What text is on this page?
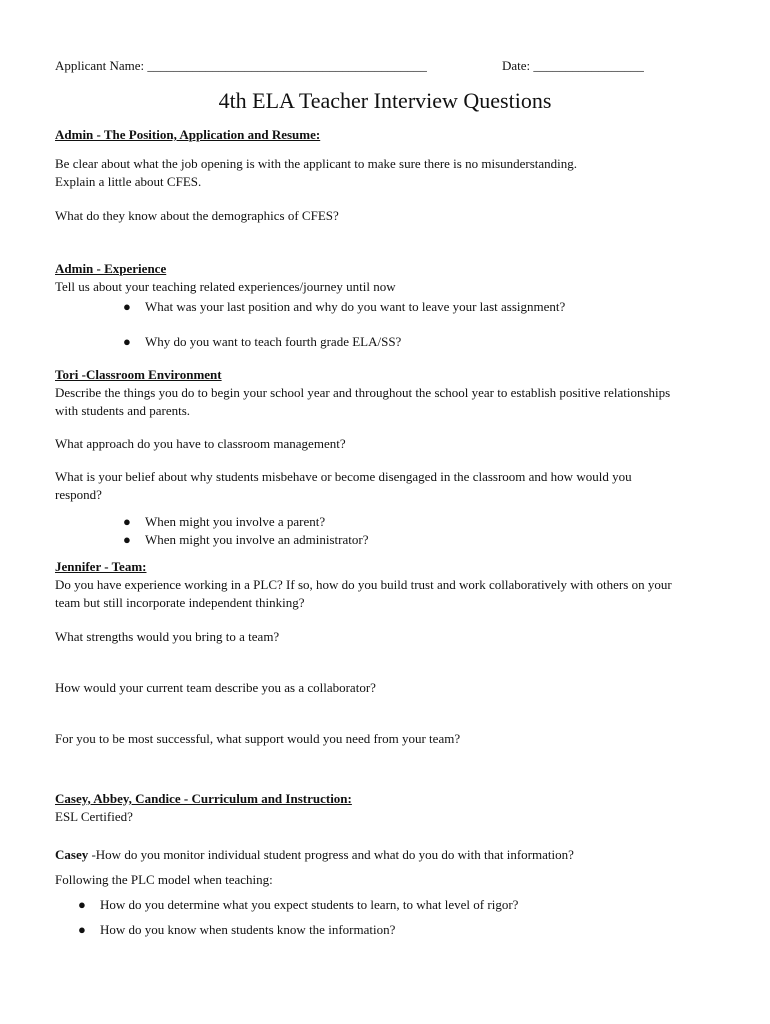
Applicant Name: ___________________________________________	Date: _________________
4th ELA Teacher Interview Questions
Admin - The Position, Application and Resume:
Be clear about what the job opening is with the applicant to make sure there is no misunderstanding.
Explain a little about CFES.
What do they know about the demographics of CFES?
Admin - Experience
Tell us about your teaching related experiences/journey until now
● What was your last position and why do you want to leave your last assignment?
● Why do you want to teach fourth grade ELA/SS?
Tori -Classroom Environment
Describe the things you do to begin your school year and throughout the school year to establish positive relationships
with students and parents.
What approach do you have to classroom management?
What is your belief about why students misbehave or become disengaged in the classroom and how would you
respond?
● When might you involve a parent?
● When might you involve an administrator?
Jennifer - Team:
Do you have experience working in a PLC? If so, how do you build trust and work collaboratively with others on your
team but still incorporate independent thinking?
What strengths would you bring to a team?
How would your current team describe you as a collaborator?
For you to be most successful, what support would you need from your team?
Casey, Abbey, Candice - Curriculum and Instruction:
ESL Certified?
Casey -How do you monitor individual student progress and what do you do with that information?
Following the PLC model when teaching:
● How do you determine what you expect students to learn, to what level of rigor?
● How do you know when students know the information?
